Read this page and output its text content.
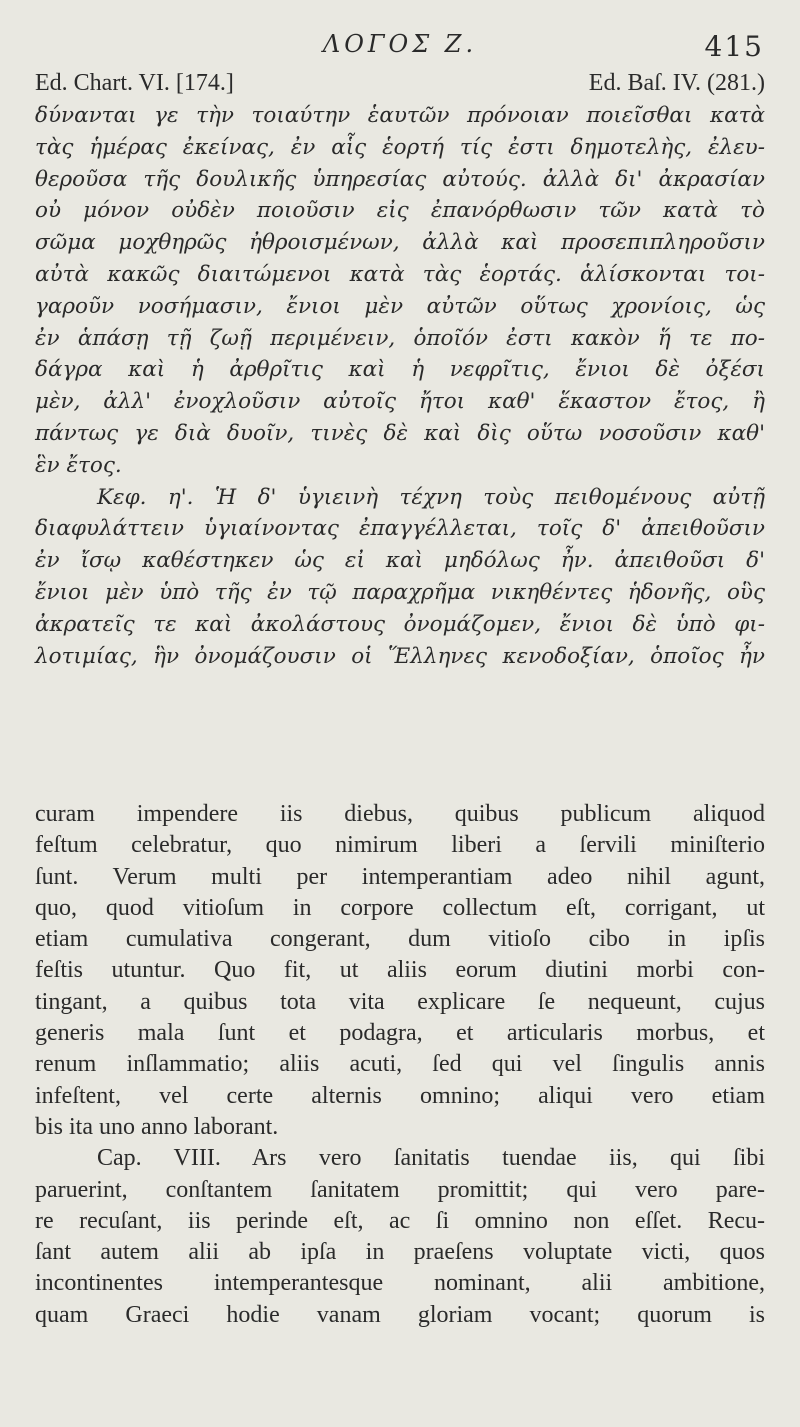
ΛΟΓΟΣ Ζ.	415
Ed. Chart. VI. [174.]	Ed. Baſ. IV. (281.)
δύνανται γε τὴν τοιαύτην ἑαυτῶν πρόνοιαν ποιεῖσθαι κατὰ
τὰς ἡμέρας ἐκείνας, ἐν αἷς ἑορτή τίς ἐστι δημοτελὴς, ἐλευ-
θεροῦσα τῆς δουλικῆς ὑπηρεσίας αὐτούς. ἀλλὰ δι' ἀκρασίαν
οὐ μόνον οὐδὲν ποιοῦσιν εἰς ἐπανόρθωσιν τῶν κατὰ τὸ
σῶμα μοχθηρῶς ἠθροισμένων, ἀλλὰ καὶ προσεπιπληροῦσιν
αὐτὰ κακῶς διαιτώμενοι κατὰ τὰς ἑορτάς. ἁλίσκονται τοι-
γαροῦν νοσήμασιν, ἔνιοι μὲν αὐτῶν οὕτως χρονίοις, ὡς
ἐν ἁπάσῃ τῇ ζωῇ περιμένειν, ὁποῖόν ἐστι κακὸν ἥ τε πο-
δάγρα καὶ ἡ ἀρθρῖτις καὶ ἡ νεφρῖτις, ἔνιοι δὲ ὀξέσι
μὲν, ἀλλ' ἐνοχλοῦσιν αὐτοῖς ἤτοι καθ' ἕκαστον ἔτος, ἢ
πάντως γε διὰ δυοῖν, τινὲς δὲ καὶ δὶς οὕτω νοσοῦσιν καθ'
ἓν ἔτος.
Κεφ. η'. Ἡ δ' ὑγιεινὴ τέχνη τοὺς πειθομένους αὐτῇ
διαφυλάττειν ὑγιαίνοντας ἐπαγγέλλεται, τοῖς δ' ἀπειθοῦσιν
ἐν ἴσῳ καθέστηκεν ὡς εἰ καὶ μηδόλως ἦν. ἀπειθοῦσι δ'
ἔνιοι μὲν ὑπὸ τῆς ἐν τῷ παραχρῆμα νικηθέντες ἡδονῆς, οὓς
ἀκρατεῖς τε καὶ ἀκολάστους ὀνομάζομεν, ἔνιοι δὲ ὑπὸ φι-
λοτιμίας, ἣν ὀνομάζουσιν οἱ Ἕλληνες κενοδοξίαν, ὁποῖος ἦν
curam impendere iis diebus, quibus publicum aliquod
feſtum celebratur, quo nimirum liberi a ſervili miniſterio
ſunt. Verum multi per intemperantiam adeo nihil agunt,
quo, quod vitioſum in corpore collectum eſt, corrigant, ut
etiam cumulativa congerant, dum vitioſo cibo in ipſis
feſtis utuntur. Quo fit, ut aliis eorum diutini morbi con-
tingant, a quibus tota vita explicare ſe nequeunt, cujus
generis mala ſunt et podagra, et articularis morbus, et
renum inſlammatio; aliis acuti, ſed qui vel ſingulis annis
infeſtent, vel certe alternis omnino; aliqui vero etiam
bis ita uno anno laborant.
Cap. VIII. Ars vero ſanitatis tuendae iis, qui ſibi
paruerint, conſtantem ſanitatem promittit; qui vero pare-
re recuſant, iis perinde eſt, ac ſi omnino non eſſet. Recu-
ſant autem alii ab ipſa in praeſens voluptate victi, quos
incontinentes intemperantesque nominant, alii ambitione,
quam Graeci hodie vanam gloriam vocant; quorum is
